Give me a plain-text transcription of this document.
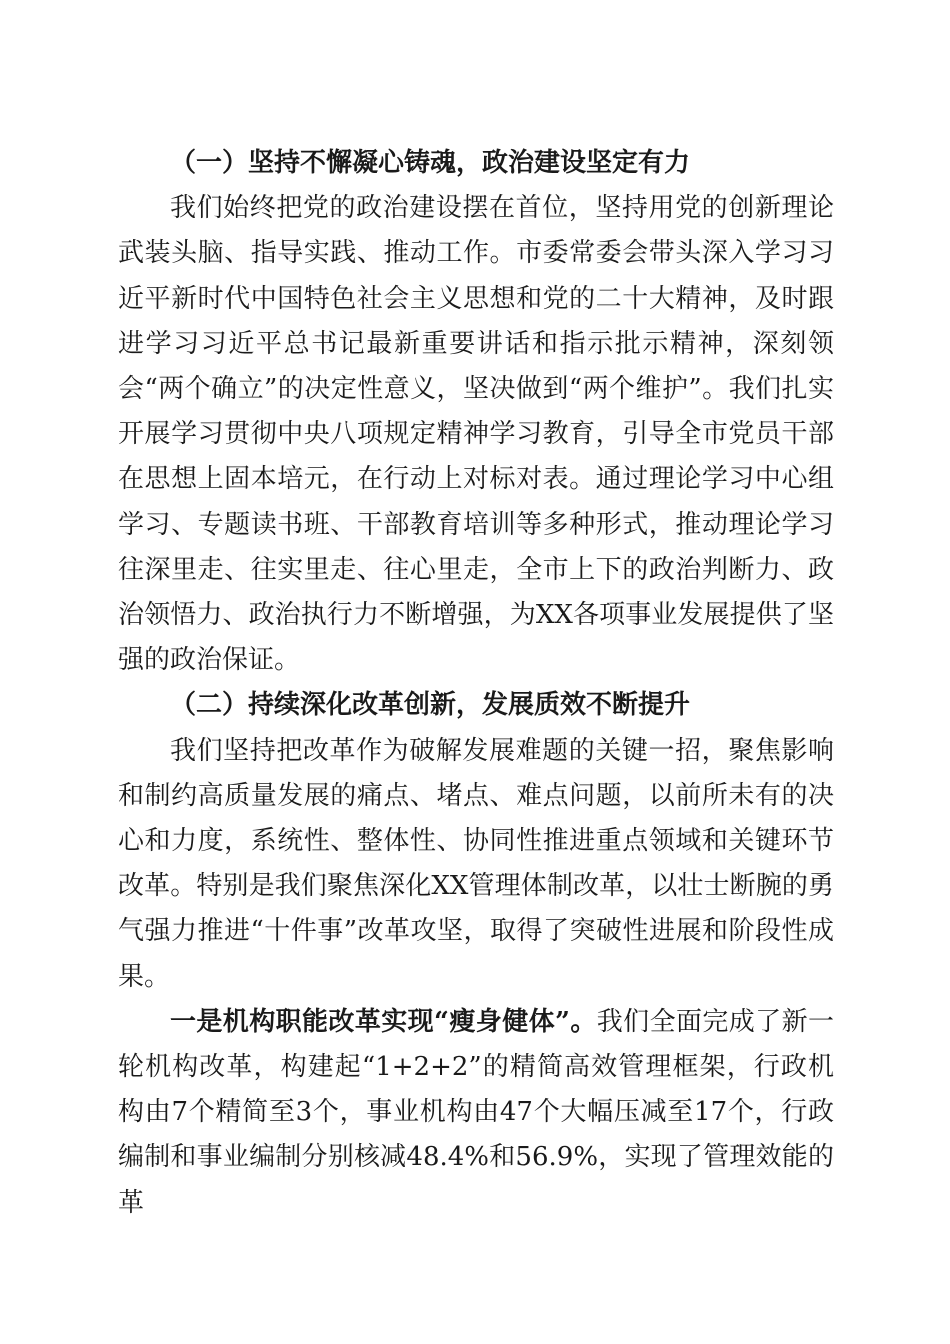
（一）坚持不懈凝心铸魂，政治建设坚定有力

我们始终把党的政治建设摆在首位，坚持用党的创新理论武装头脑、指导实践、推动工作。市委常委会带头深入学习习近平新时代中国特色社会主义思想和党的二十大精神，及时跟进学习习近平总书记最新重要讲话和指示批示精神，深刻领会“两个确立”的决定性意义，坚决做到“两个维护”。我们扎实开展学习贯彻中央八项规定精神学习教育，引导全市党员干部在思想上固本培元，在行动上对标对表。通过理论学习中心组学习、专题读书班、干部教育培训等多种形式，推动理论学习往深里走、往实里走、往心里走，全市上下的政治判断力、政治领悟力、政治执行力不断增强，为XX各项事业发展提供了坚强的政治保证。

（二）持续深化改革创新，发展质效不断提升

我们坚持把改革作为破解发展难题的关键一招，聚焦影响和制约高质量发展的痛点、堵点、难点问题，以前所未有的决心和力度，系统性、整体性、协同性推进重点领域和关键环节改革。特别是我们聚焦深化XX管理体制改革，以壮士断腕的勇气强力推进“十件事”改革攻坚，取得了突破性进展和阶段性成果。

一是机构职能改革实现“瘦身健体”。我们全面完成了新一轮机构改革，构建起“1+2+2”的精简高效管理框架，行政机构由7个精简至3个，事业机构由47个大幅压减至17个，行政编制和事业编制分别核减48.4%和56.9%，实现了管理效能的革
